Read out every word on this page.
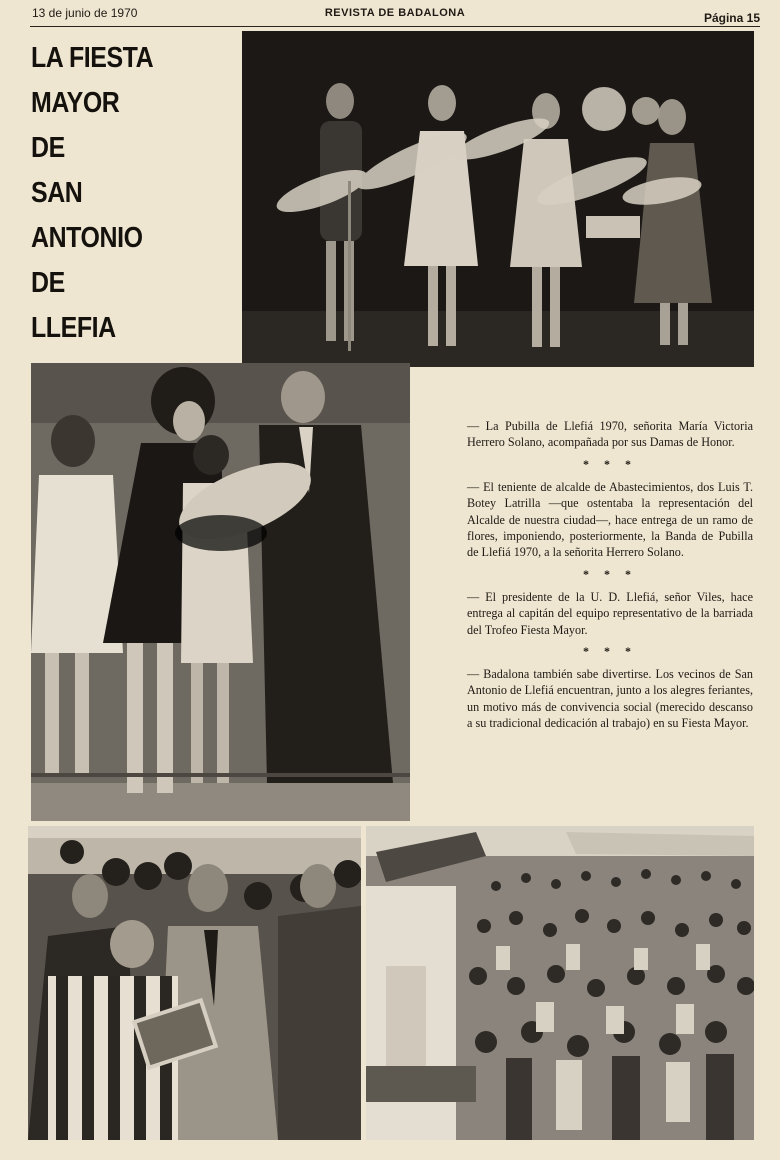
13 de junio de 1970	REVISTA DE BADALONA	Página 15
LA FIESTA
MAYOR
DE
SAN
ANTONIO
DE
LLEFIA

— La Pubilla de Llefiá 1970, señorita María Victoria Herrero Solano, acompañada por sus Damas de Honor.

* * *

— El teniente de alcalde de Abastecimientos, dos Luis T. Botey Latrilla —que ostentaba la representación del Alcalde de nuestra ciudad—, hace entrega de un ramo de flores, imponiendo, posteriormente, la Banda de Pubilla de Llefiá 1970, a la señorita Herrero Solano.

* * *

— El presidente de la U. D. Llefiá, señor Viles, hace entrega al capitán del equipo representativo de la barriada del Trofeo Fiesta Mayor.

* * *

— Badalona también sabe divertirse. Los vecinos de San Antonio de Llefiá encuentran, junto a los alegres feriantes, un motivo más de convivencia social (merecido descanso a su tradicional dedicación al trabajo) en su Fiesta Mayor.
